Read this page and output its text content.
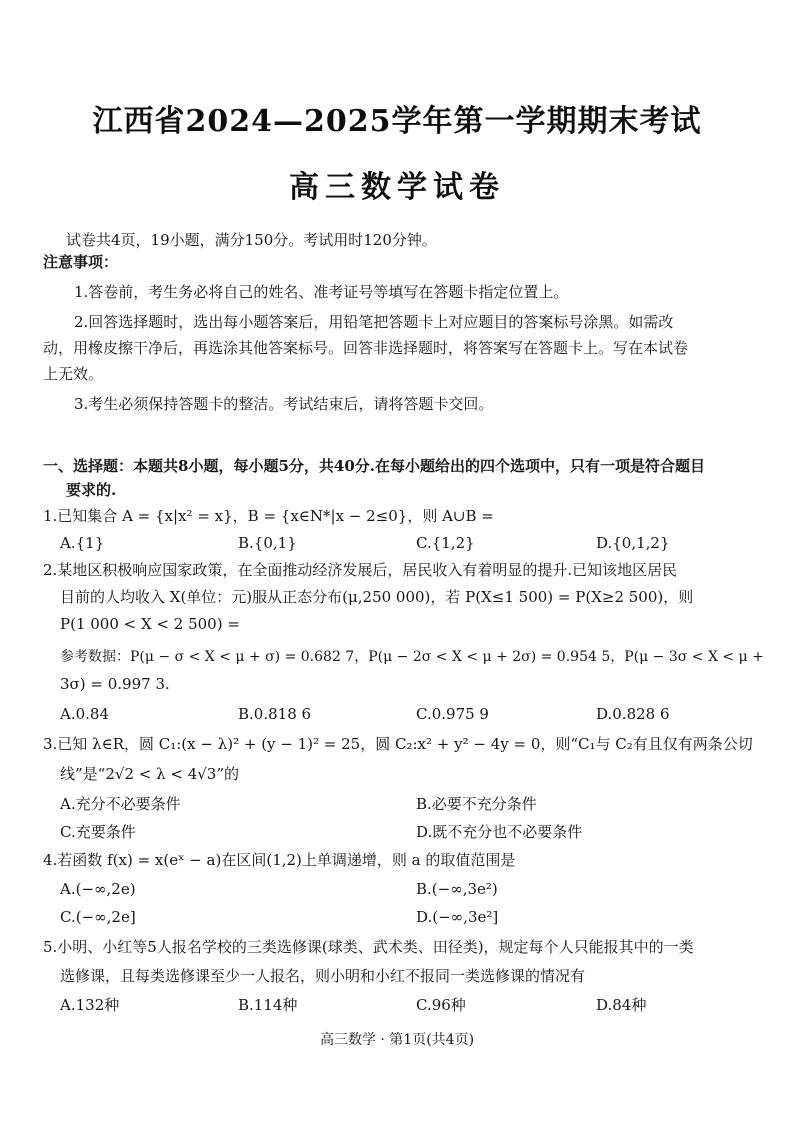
江西省2024—2025学年第一学期期末考试
高三数学试卷
试卷共4页，19小题，满分150分。考试用时120分钟。
注意事项：
1.答卷前，考生务必将自己的姓名、准考证号等填写在答题卡指定位置上。
2.回答选择题时，选出每小题答案后，用铅笔把答题卡上对应题目的答案标号涂黑。如需改
动，用橡皮擦干净后，再选涂其他答案标号。回答非选择题时，将答案写在答题卡上。写在本试卷
上无效。
3.考生必须保持答题卡的整洁。考试结束后，请将答题卡交回。
一、选择题：本题共8小题，每小题5分，共40分.在每小题给出的四个选项中，只有一项是符合题目
要求的.
1.已知集合 A = {x|x² = x}，B = {x∈N*|x − 2≤0}，则 A∪B =
A.{1}	B.{0,1}	C.{1,2}	D.{0,1,2}
2.某地区积极响应国家政策，在全面推动经济发展后，居民收入有着明显的提升.已知该地区居民
目前的人均收入 X(单位：元)服从正态分布(μ,250 000)，若 P(X≤1 500) = P(X≥2 500)，则
P(1 000 < X < 2 500) =
参考数据：P(μ − σ < X < μ + σ) = 0.682 7，P(μ − 2σ < X < μ + 2σ) = 0.954 5，P(μ − 3σ < X < μ +
3σ) = 0.997 3.
A.0.84	B.0.818 6	C.0.975 9	D.0.828 6
3.已知 λ∈R，圆 C₁:(x − λ)² + (y − 1)² = 25，圆 C₂:x² + y² − 4y = 0，则“C₁与 C₂有且仅有两条公切
线”是“2√2 < λ < 4√3”的
A.充分不必要条件	B.必要不充分条件
C.充要条件	D.既不充分也不必要条件
4.若函数 f(x) = x(eˣ − a)在区间(1,2)上单调递增，则 a 的取值范围是
A.(−∞,2e)	B.(−∞,3e²)
C.(−∞,2e]	D.(−∞,3e²]
5.小明、小红等5人报名学校的三类选修课(球类、武术类、田径类)，规定每个人只能报其中的一类
选修课，且每类选修课至少一人报名，则小明和小红不报同一类选修课的情况有
A.132种	B.114种	C.96种	D.84种
高三数学 · 第1页(共4页)
